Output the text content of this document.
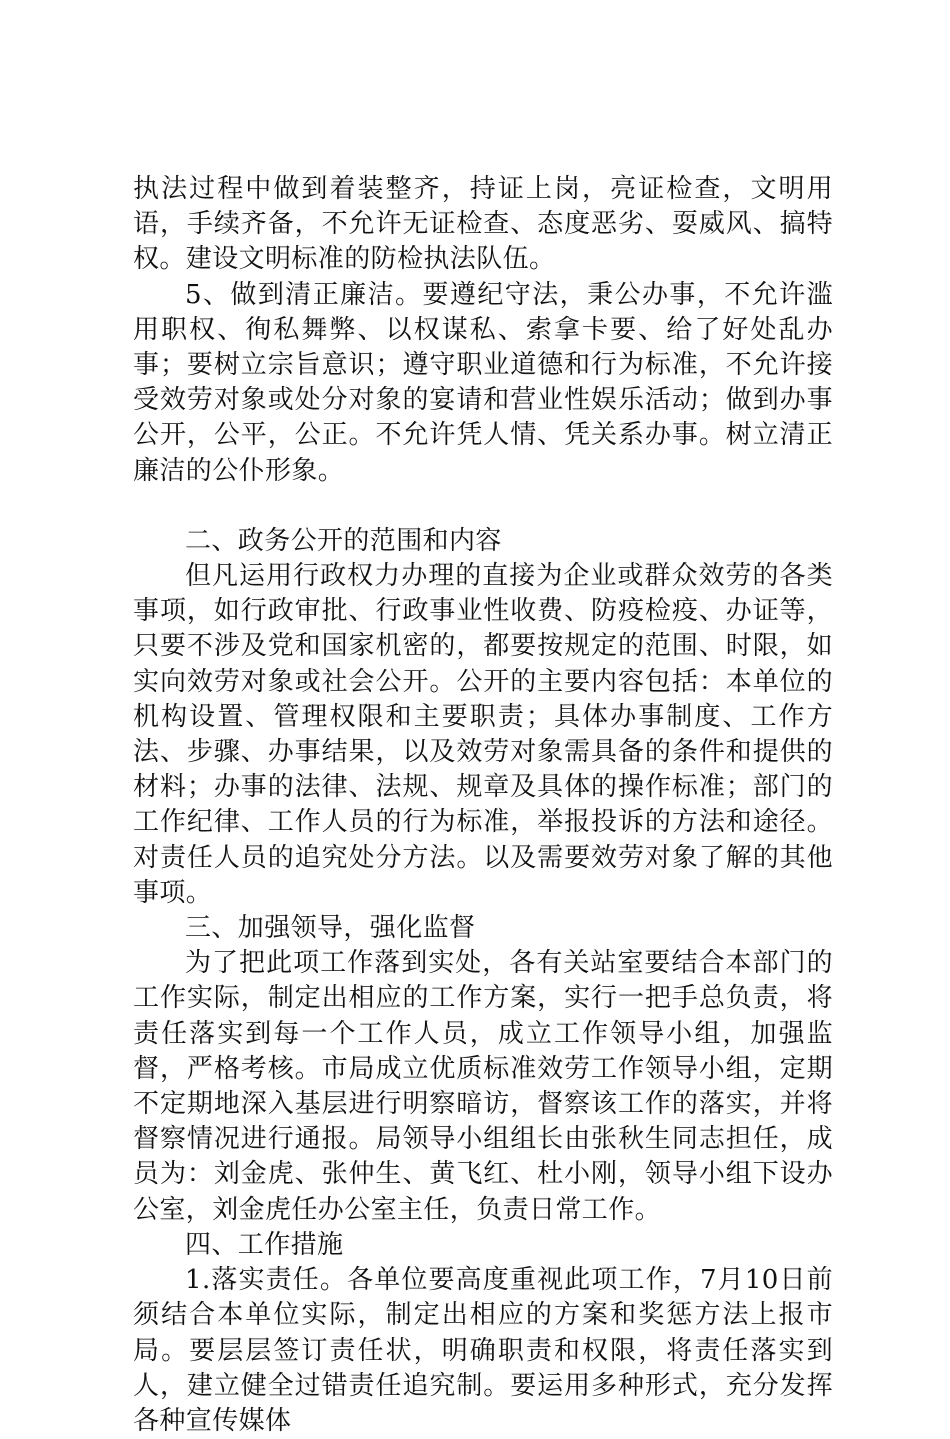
执法过程中做到着装整齐，持证上岗，亮证检查，文明用语，手续齐备，不允许无证检查、态度恶劣、耍威风、搞特权。建设文明标准的防检执法队伍。

5、做到清正廉洁。要遵纪守法，秉公办事，不允许滥用职权、徇私舞弊、以权谋私、索拿卡要、给了好处乱办事；要树立宗旨意识；遵守职业道德和行为标准，不允许接受效劳对象或处分对象的宴请和营业性娱乐活动；做到办事公开，公平，公正。不允许凭人情、凭关系办事。树立清正廉洁的公仆形象。

二、政务公开的范围和内容

但凡运用行政权力办理的直接为企业或群众效劳的各类事项，如行政审批、行政事业性收费、防疫检疫、办证等，只要不涉及党和国家机密的，都要按规定的范围、时限，如实向效劳对象或社会公开。公开的主要内容包括：本单位的机构设置、管理权限和主要职责；具体办事制度、工作方法、步骤、办事结果，以及效劳对象需具备的条件和提供的材料；办事的法律、法规、规章及具体的操作标准；部门的工作纪律、工作人员的行为标准，举报投诉的方法和途径。对责任人员的追究处分方法。以及需要效劳对象了解的其他事项。

三、加强领导，强化监督

为了把此项工作落到实处，各有关站室要结合本部门的工作实际，制定出相应的工作方案，实行一把手总负责，将责任落实到每一个工作人员，成立工作领导小组，加强监督，严格考核。市局成立优质标准效劳工作领导小组，定期不定期地深入基层进行明察暗访，督察该工作的落实，并将督察情况进行通报。局领导小组组长由张秋生同志担任，成员为：刘金虎、张仲生、黄飞红、杜小刚，领导小组下设办公室，刘金虎任办公室主任，负责日常工作。

四、工作措施

1.落实责任。各单位要高度重视此项工作，7月10日前须结合本单位实际，制定出相应的方案和奖惩方法上报市局。要层层签订责任状，明确职责和权限，将责任落实到人，建立健全过错责任追究制。要运用多种形式，充分发挥各种宣传媒体
